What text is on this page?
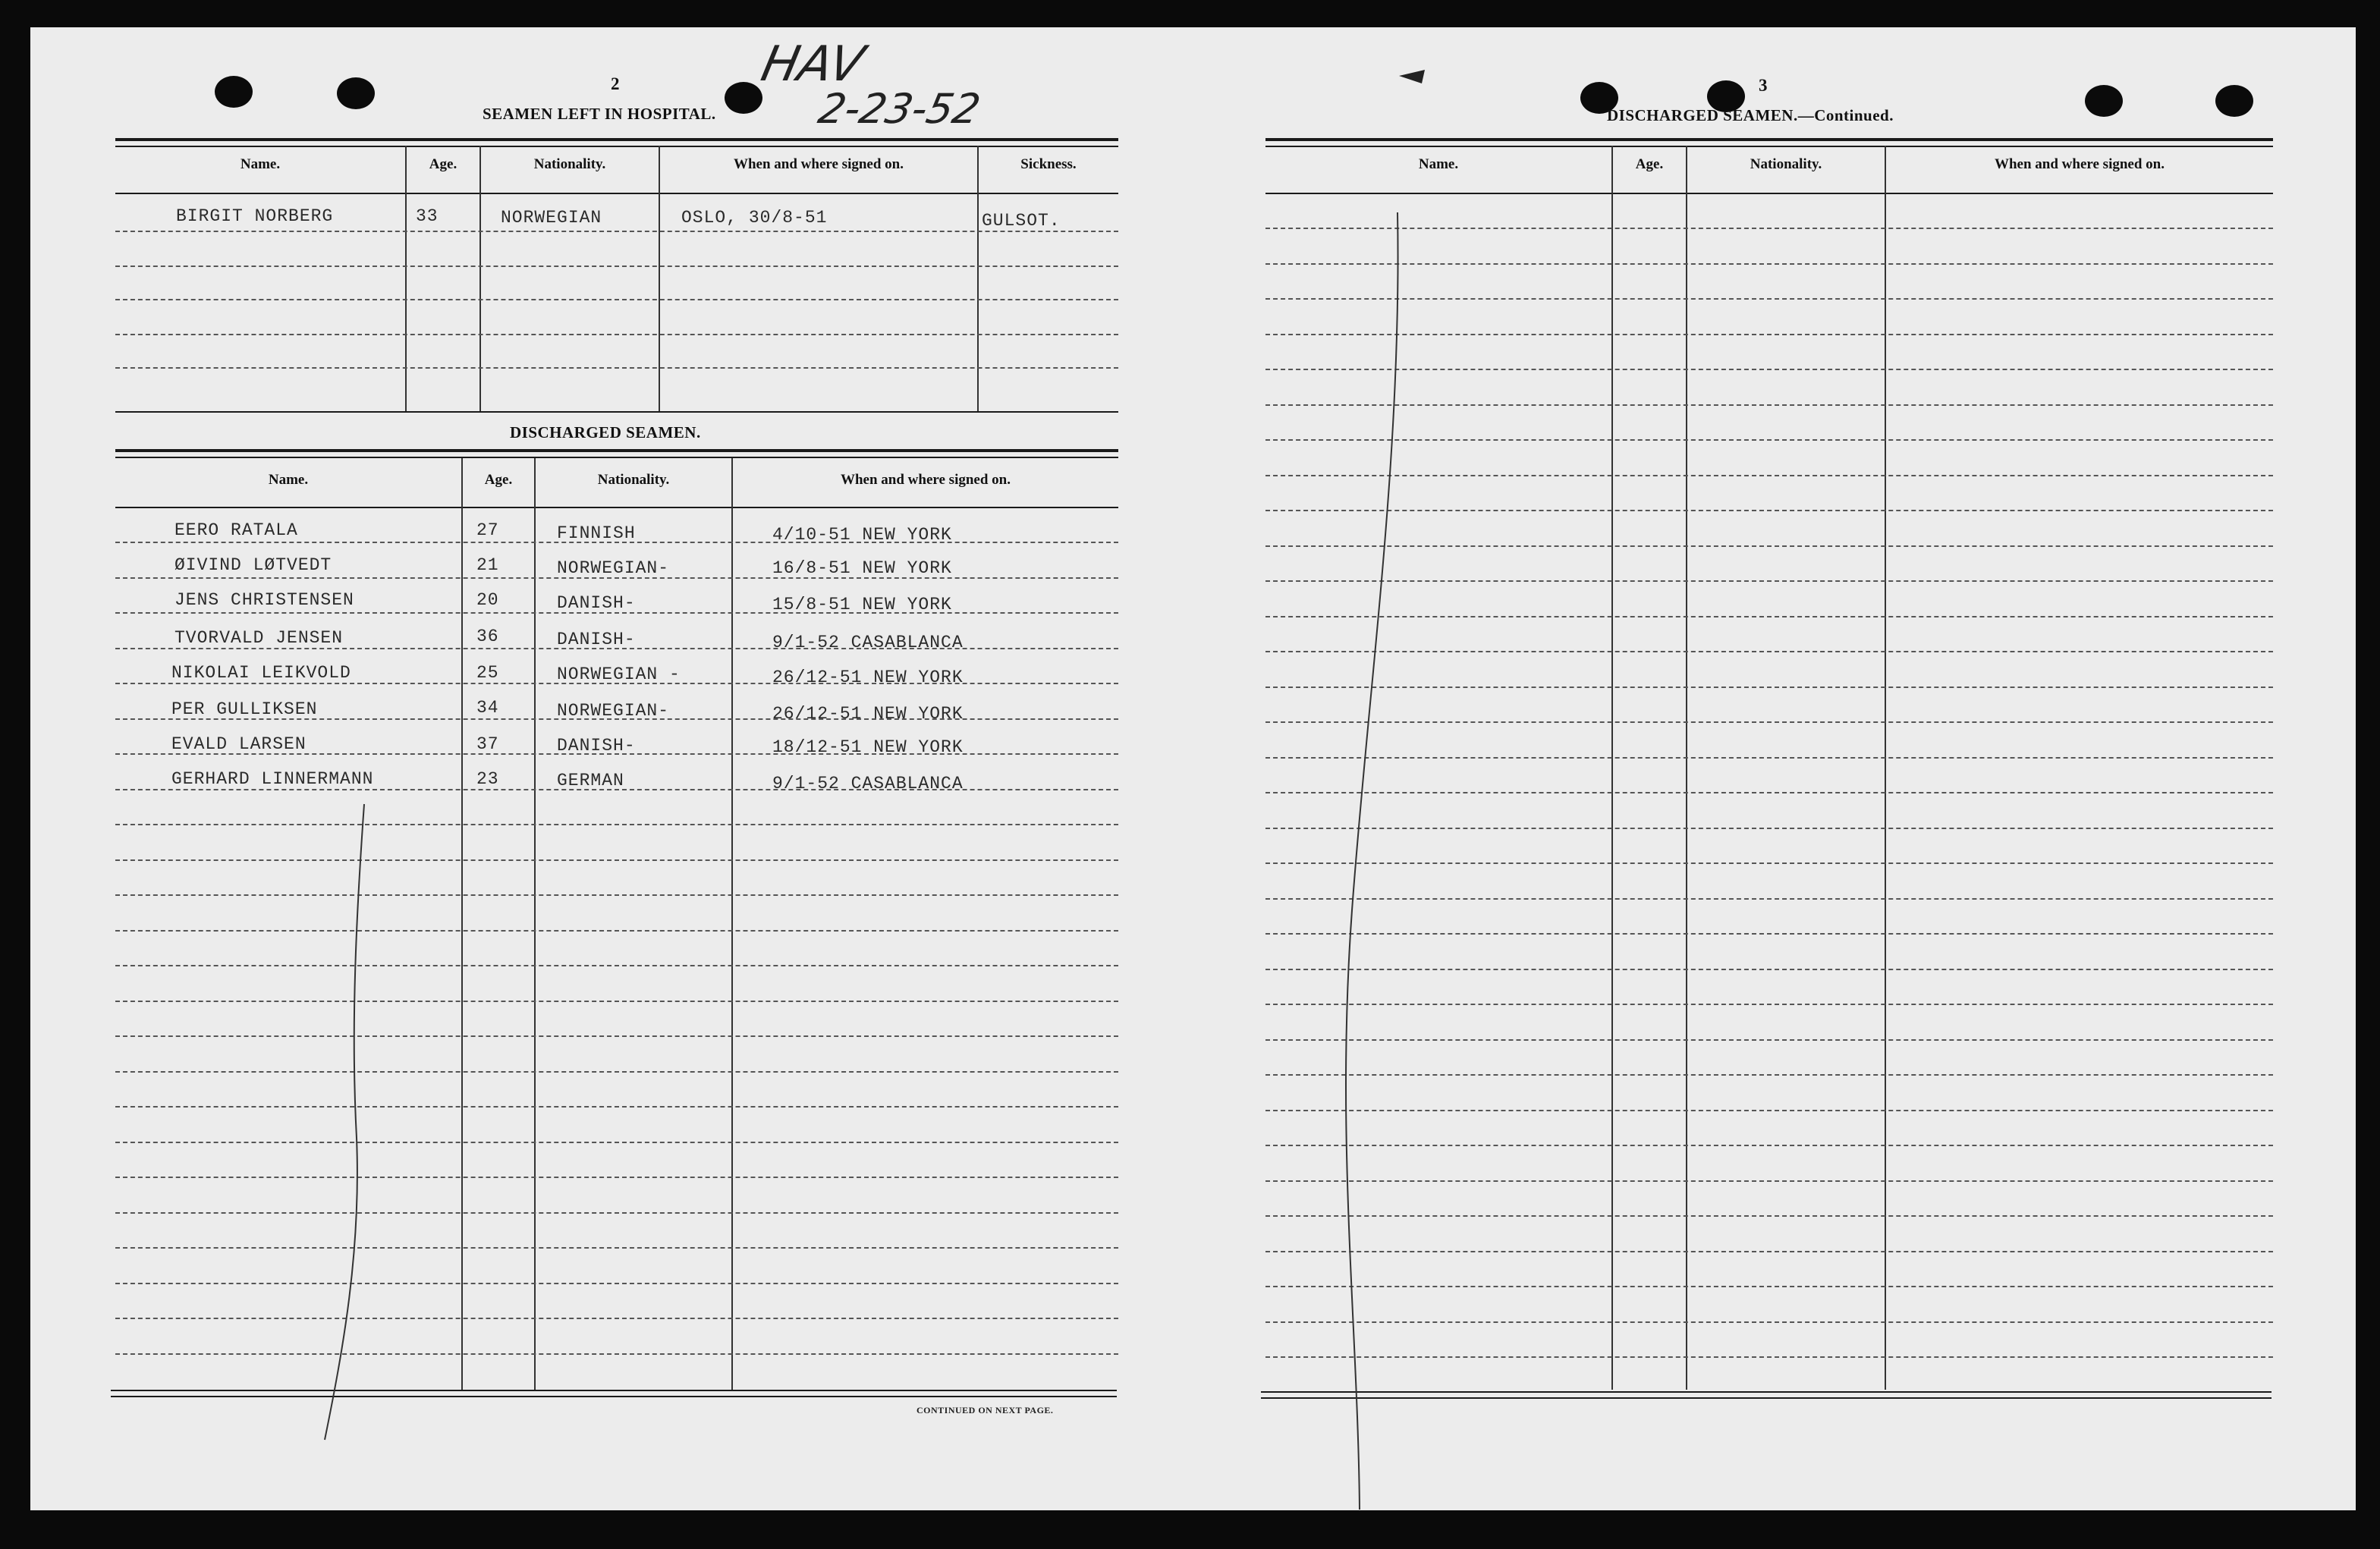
HAV
2-23-52
2
SEAMEN LEFT IN HOSPITAL.
Name.	Age.	Nationality.	When and where signed on.	Sickness.
BIRGIT NORBERG	33	NORWEGIAN	OSLO, 30/8-51	GULSOT.
DISCHARGED SEAMEN.
Name.	Age.	Nationality.	When and where signed on.
EERO RATALA	27	FINNISH	4/10-51 NEW YORK
ØIVIND LØTVEDT	21	NORWEGIAN-	16/8-51 NEW YORK
JENS CHRISTENSEN	20	DANISH-	15/8-51 NEW YORK
TVORVALD JENSEN	36	DANISH-	9/1-52 CASABLANCA
NIKOLAI LEIKVOLD	25	NORWEGIAN -	26/12-51 NEW YORK
PER GULLIKSEN	34	NORWEGIAN-	26/12-51 NEW YORK
EVALD LARSEN	37	DANISH-	18/12-51 NEW YORK
GERHARD LINNERMANN	23	GERMAN	9/1-52 CASABLANCA
CONTINUED ON NEXT PAGE.
3
DISCHARGED SEAMEN.—Continued.
Name.	Age.	Nationality.	When and where signed on.
